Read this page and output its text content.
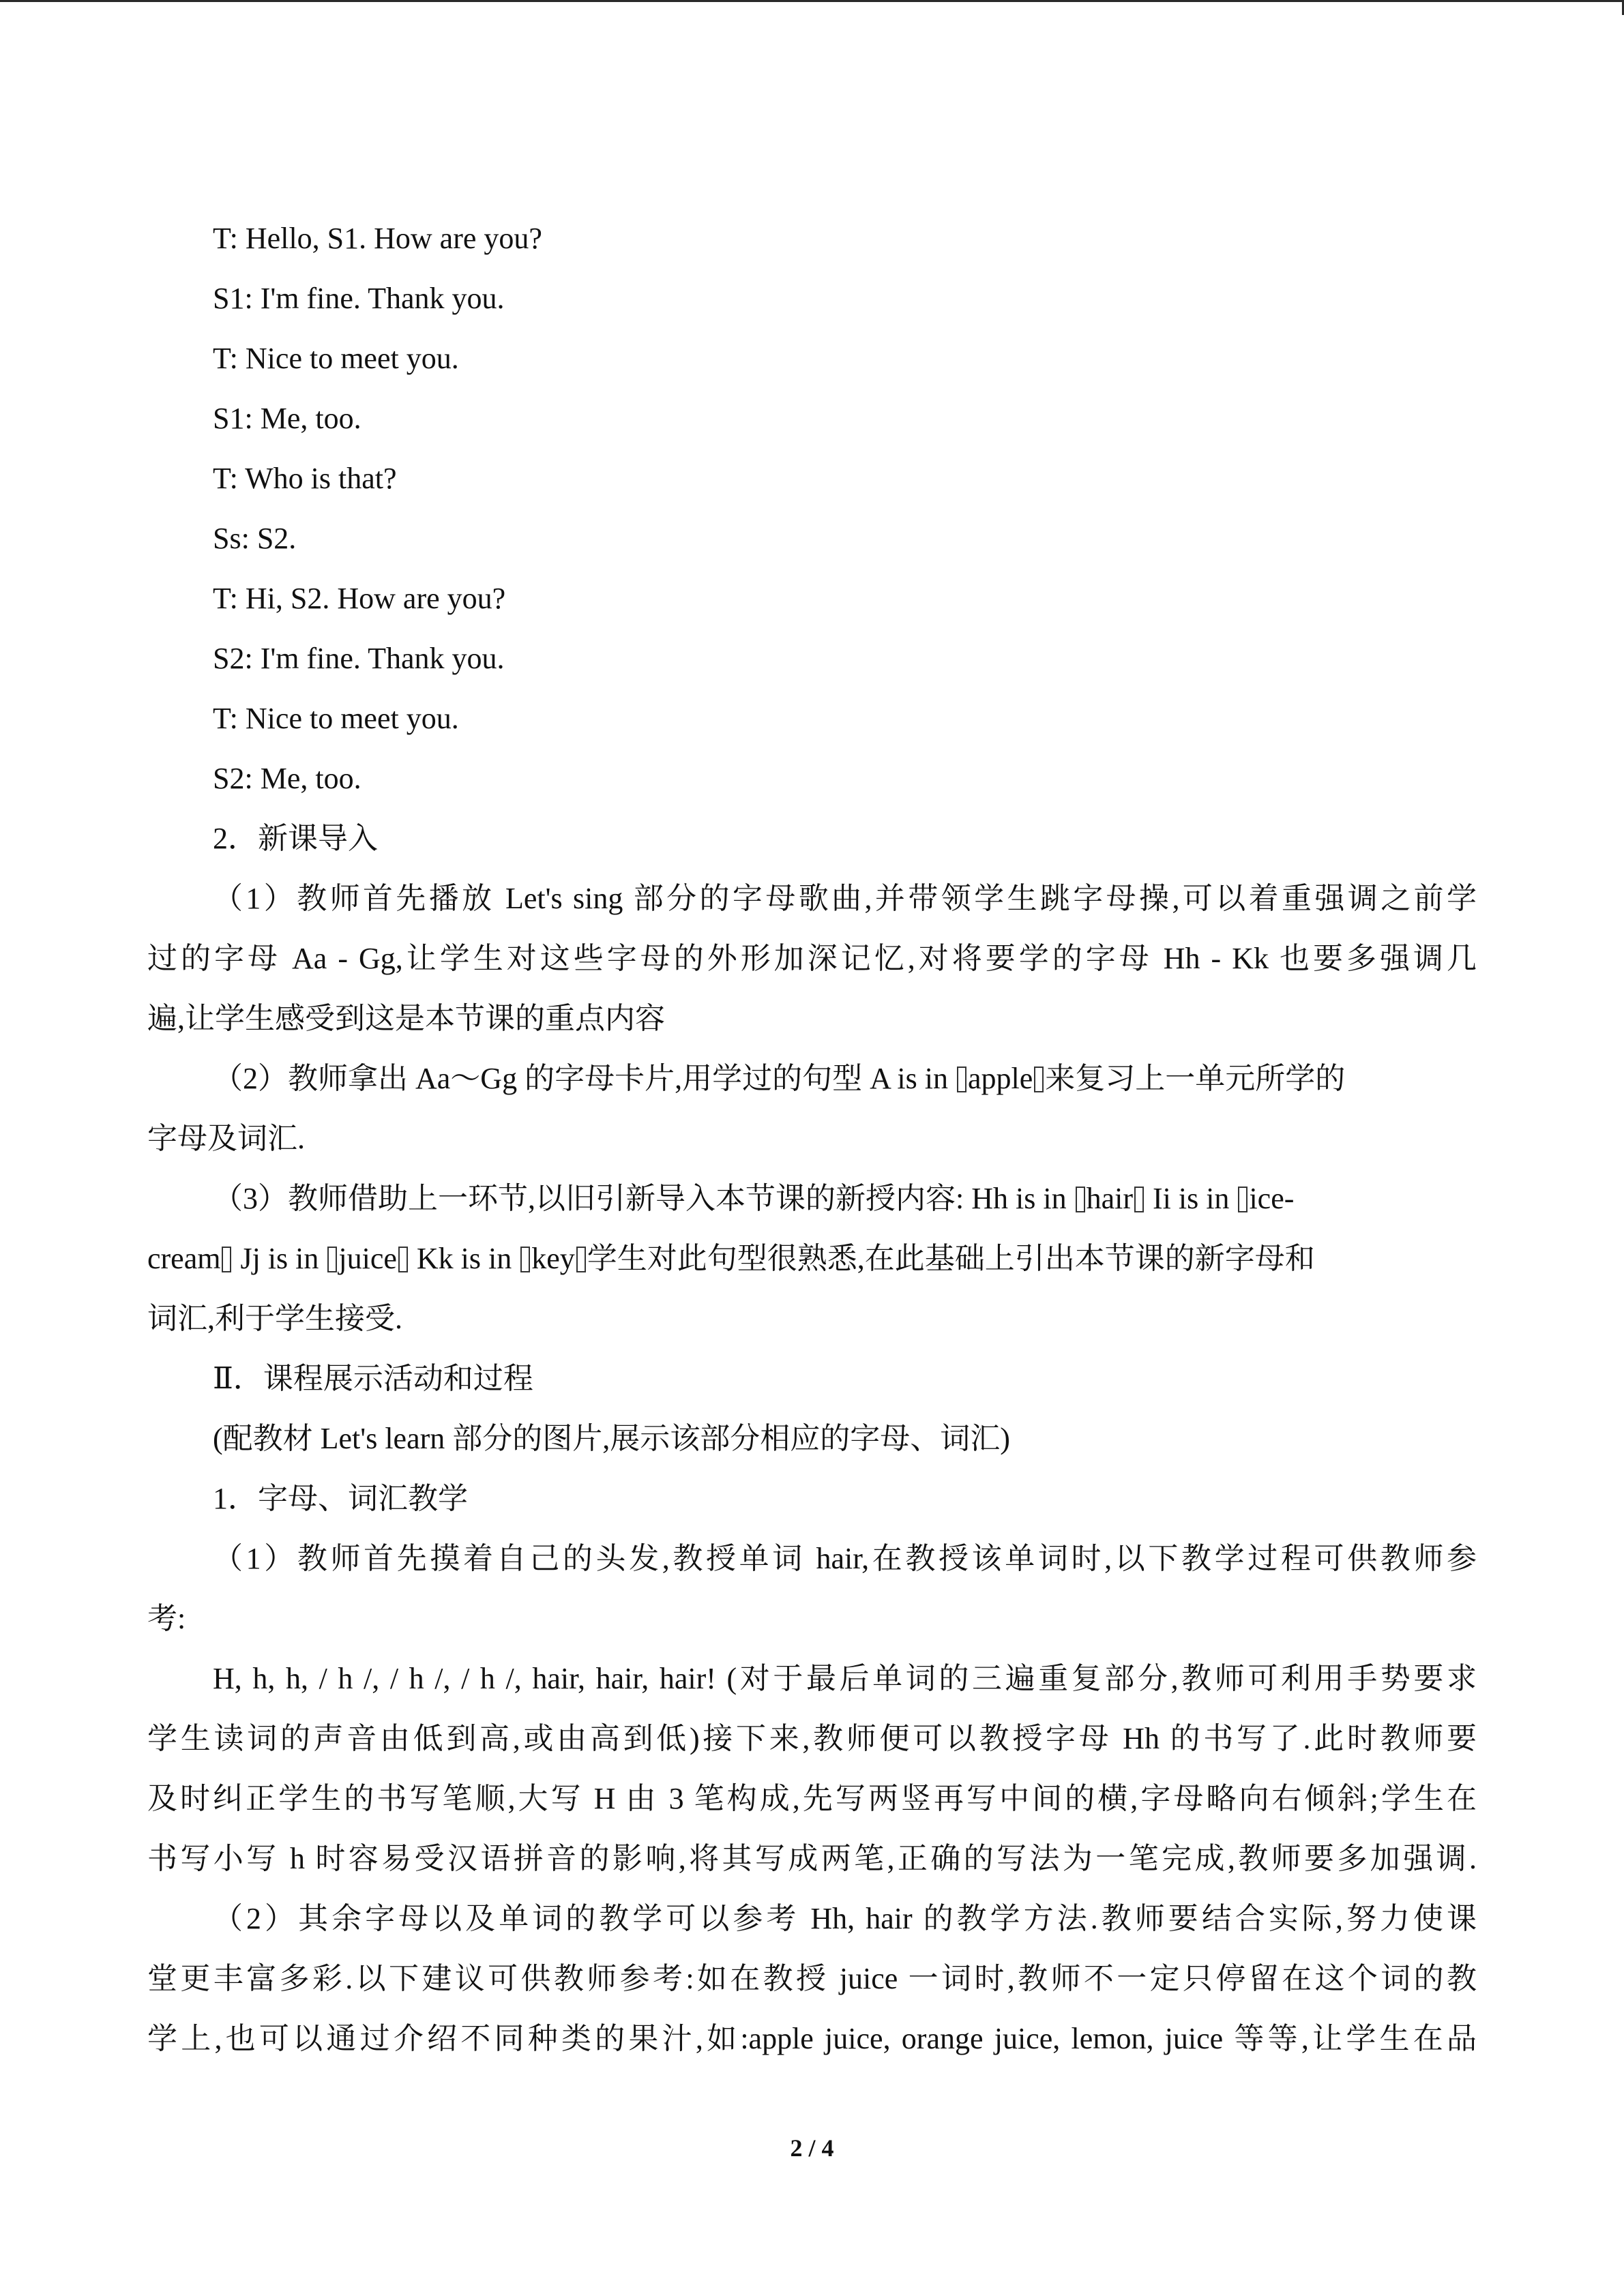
T: Hello, S1. How are you?

S1: I'm fine. Thank you.

T: Nice to meet you.

S1: Me, too.

T: Who is that?

Ss: S2.

T: Hi, S2. How are you?

S2: I'm fine. Thank you.

T: Nice to meet you.

S2: Me, too.

2．新课导入

（1）教师首先播放 Let's sing 部分的字母歌曲,并带领学生跳字母操,可以着重强调之前学

过的字母 Aa - Gg,让学生对这些字母的外形加深记忆,对将要学的字母 Hh - Kk 也要多强调几

遍,让学生感受到这是本节课的重点内容

（2）教师拿出 Aa～Gg 的字母卡片,用学过的句型 A is in apple 来复习上一单元所学的

字母及词汇.

（3）教师借助上一环节,以旧引新导入本节课的新授内容: Hh is in hair Ii is in ice-

cream Jj is in juice Kk is in key 学生对此句型很熟悉,在此基础上引出本节课的新字母和

词汇,利于学生接受.

Ⅱ．课程展示活动和过程

(配教材 Let's learn 部分的图片,展示该部分相应的字母、词汇)

1．字母、词汇教学

（1）教师首先摸着自己的头发,教授单词 hair,在教授该单词时,以下教学过程可供教师参

考:

H, h, h, / h /, / h /, / h /, hair, hair, hair! (对于最后单词的三遍重复部分,教师可利用手势要求

学生读词的声音由低到高,或由高到低)接下来,教师便可以教授字母 Hh 的书写了.此时教师要

及时纠正学生的书写笔顺,大写 H 由 3 笔构成,先写两竖再写中间的横,字母略向右倾斜;学生在

书写小写 h 时容易受汉语拼音的影响,将其写成两笔,正确的写法为一笔完成,教师要多加强调.

（2）其余字母以及单词的教学可以参考 Hh, hair 的教学方法.教师要结合实际,努力使课

堂更丰富多彩.以下建议可供教师参考:如在教授 juice 一词时,教师不一定只停留在这个词的教

学上,也可以通过介绍不同种类的果汁,如:apple juice, orange juice, lemon, juice 等等,让学生在品

2 / 4
